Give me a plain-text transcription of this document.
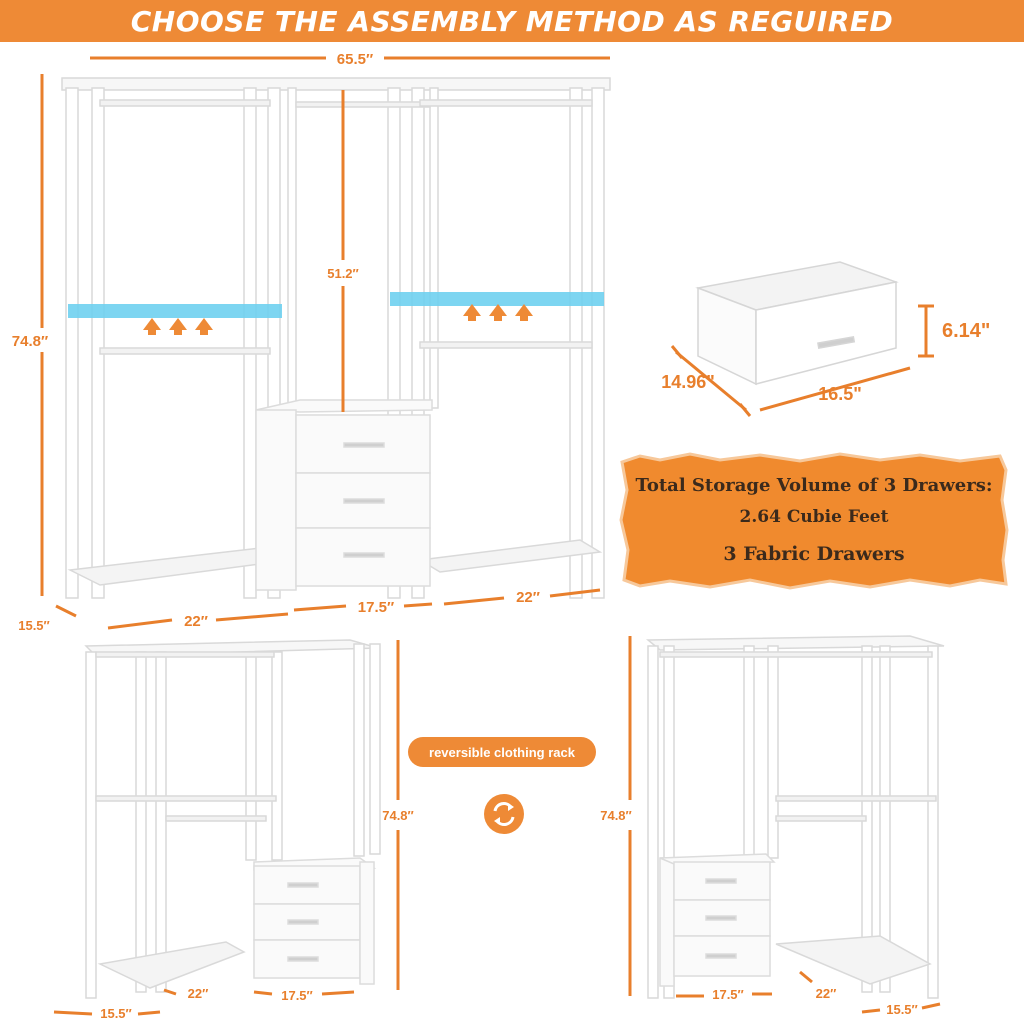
CHOOSE THE ASSEMBLY METHOD AS REGUIRED
65.5″
74.8″
51.2″
15.5″	22″
17.5″
22″
14.96"
16.5"
6.14"
74.8″
15.5″
22″	17.5″
74.8″
17.5″	22″
15.5″
Total Storage Volume of 3 Drawers:
2.64 Cubie Feet
3 Fabric Drawers
reversible clothing rack
